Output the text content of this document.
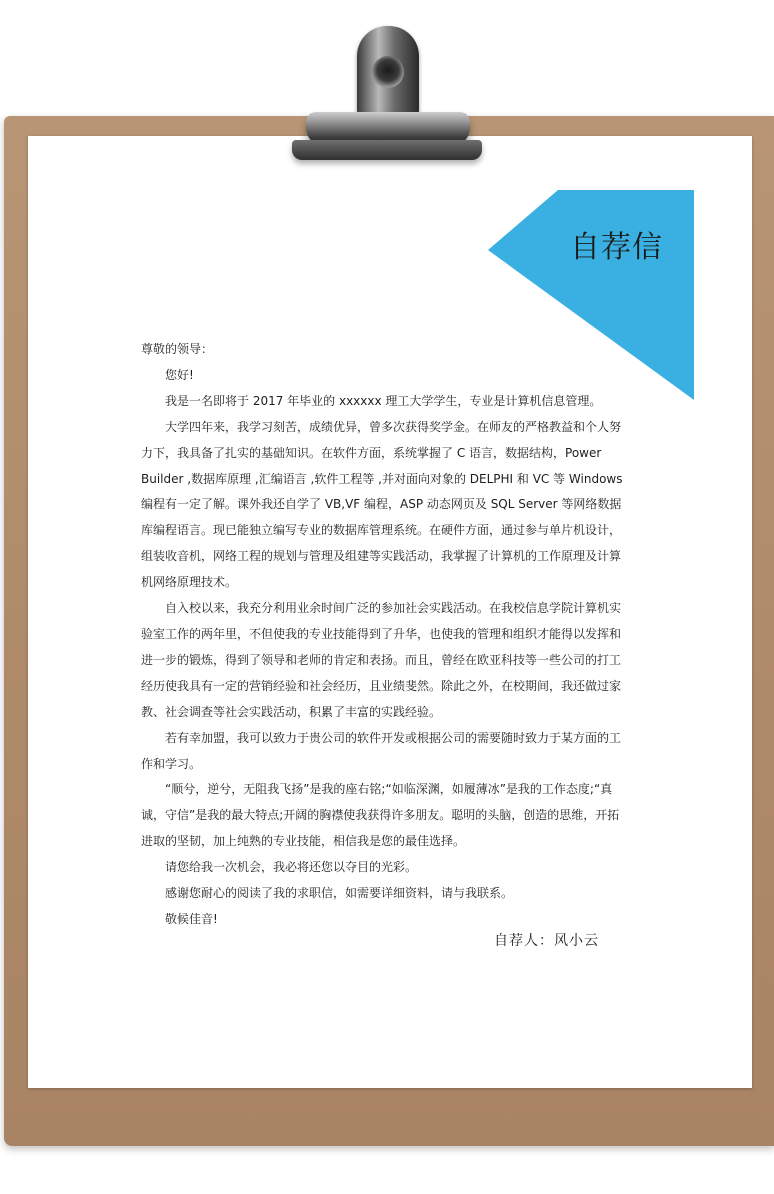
自荐信

尊敬的领导：

您好!

我是一名即将于 2017 年毕业的 xxxxxx 理工大学学生，专业是计算机信息管理。

大学四年来，我学习刻苦，成绩优异，曾多次获得奖学金。在师友的严格教益和个人努力下，我具备了扎实的基础知识。在软件方面，系统掌握了 C 语言，数据结构，Power Builder ,数据库原理 ,汇编语言 ,软件工程等 ,并对面向对象的 DELPHI 和 VC 等 Windows 编程有一定了解。课外我还自学了 VB,VF 编程，ASP 动态网页及 SQL Server 等网络数据库编程语言。现已能独立编写专业的数据库管理系统。在硬件方面，通过参与单片机设计，组装收音机，网络工程的规划与管理及组建等实践活动，我掌握了计算机的工作原理及计算机网络原理技术。

自入校以来，我充分利用业余时间广泛的参加社会实践活动。在我校信息学院计算机实验室工作的两年里，不但使我的专业技能得到了升华，也使我的管理和组织才能得以发挥和进一步的锻炼，得到了领导和老师的肯定和表扬。而且，曾经在欧亚科技等一些公司的打工经历使我具有一定的营销经验和社会经历，且业绩斐然。除此之外，在校期间，我还做过家教、社会调查等社会实践活动，积累了丰富的实践经验。

若有幸加盟，我可以致力于贵公司的软件开发或根据公司的需要随时致力于某方面的工作和学习。

“顺兮，逆兮，无阻我飞扬”是我的座右铭;“如临深渊，如履薄冰”是我的工作态度;“真诚，守信”是我的最大特点;开阔的胸襟使我获得许多朋友。聪明的头脑，创造的思维，开拓进取的坚韧，加上纯熟的专业技能，相信我是您的最佳选择。

请您给我一次机会，我必将还您以夺目的光彩。

感谢您耐心的阅读了我的求职信，如需要详细资料，请与我联系。

敬候佳音!

自荐人：风小云
